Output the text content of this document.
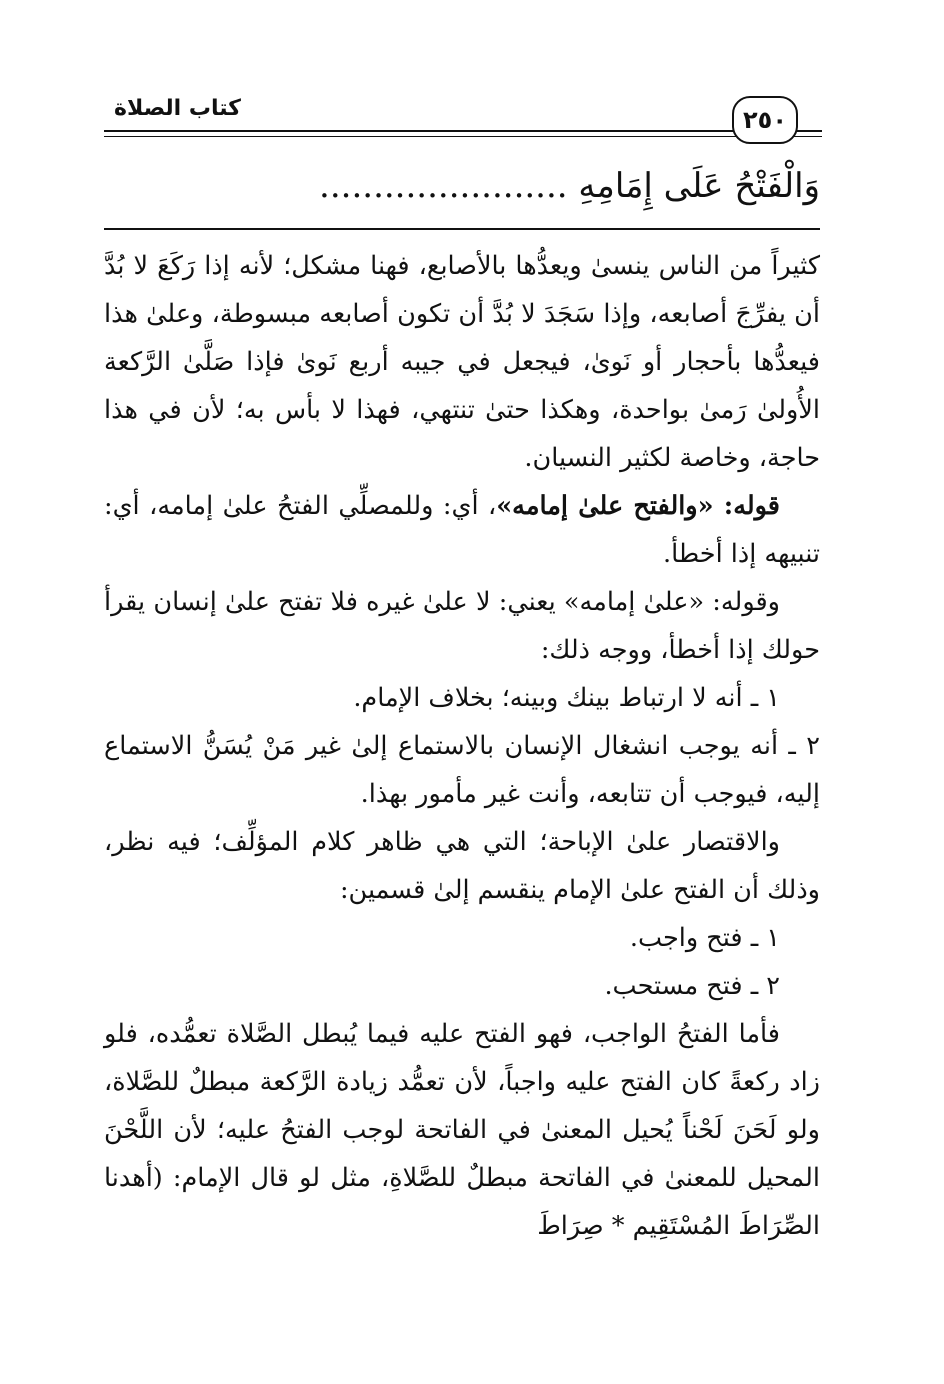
كتاب الصلاة	٢٥٠
وَالْفَتْحُ عَلَى إِمَامِهِ .......................

كثيراً من الناس ينسىٰ ويعدُّها بالأصابع، فهنا مشكل؛ لأنه إذا رَكَعَ لا بُدَّ أن يفرِّجَ أصابعه، وإذا سَجَدَ لا بُدَّ أن تكون أصابعه مبسوطة، وعلىٰ هذا فيعدُّها بأحجار أو نَوىٰ، فيجعل في جيبه أربع نَوىٰ فإذا صَلَّىٰ الرَّكعة الأُولىٰ رَمىٰ بواحدة، وهكذا حتىٰ تنتهي، فهذا لا بأس به؛ لأن في هذا حاجة، وخاصة لكثير النسيان.

قوله: «والفتح علىٰ إمامه»، أي: وللمصلِّي الفتحُ علىٰ إمامه، أي: تنبيهه إذا أخطأ.

وقوله: «علىٰ إمامه» يعني: لا علىٰ غيره فلا تفتح علىٰ إنسان يقرأ حولك إذا أخطأ، ووجه ذلك:

١ ـ أنه لا ارتباط بينك وبينه؛ بخلاف الإمام.

٢ ـ أنه يوجب انشغال الإنسان بالاستماع إلىٰ غير مَنْ يُسَنُّ الاستماع إليه، فيوجب أن تتابعه، وأنت غير مأمور بهذا.

والاقتصار علىٰ الإباحة؛ التي هي ظاهر كلام المؤلِّف؛ فيه نظر، وذلك أن الفتح علىٰ الإمام ينقسم إلىٰ قسمين:

١ ـ فتح واجب.

٢ ـ فتح مستحب.

فأما الفتحُ الواجب، فهو الفتح عليه فيما يُبطل الصَّلاة تعمُّده، فلو زاد ركعةً كان الفتح عليه واجباً، لأن تعمُّد زيادة الرَّكعة مبطلٌ للصَّلاة، ولو لَحَنَ لَحْناً يُحيل المعنىٰ في الفاتحة لوجب الفتحُ عليه؛ لأن اللَّحْنَ المحيل للمعنىٰ في الفاتحة مبطلٌ للصَّلاةِ، مثل لو قال الإمام: (أهدنا الصِّرَاطَ المُسْتَقِيم * صِرَاطَ
